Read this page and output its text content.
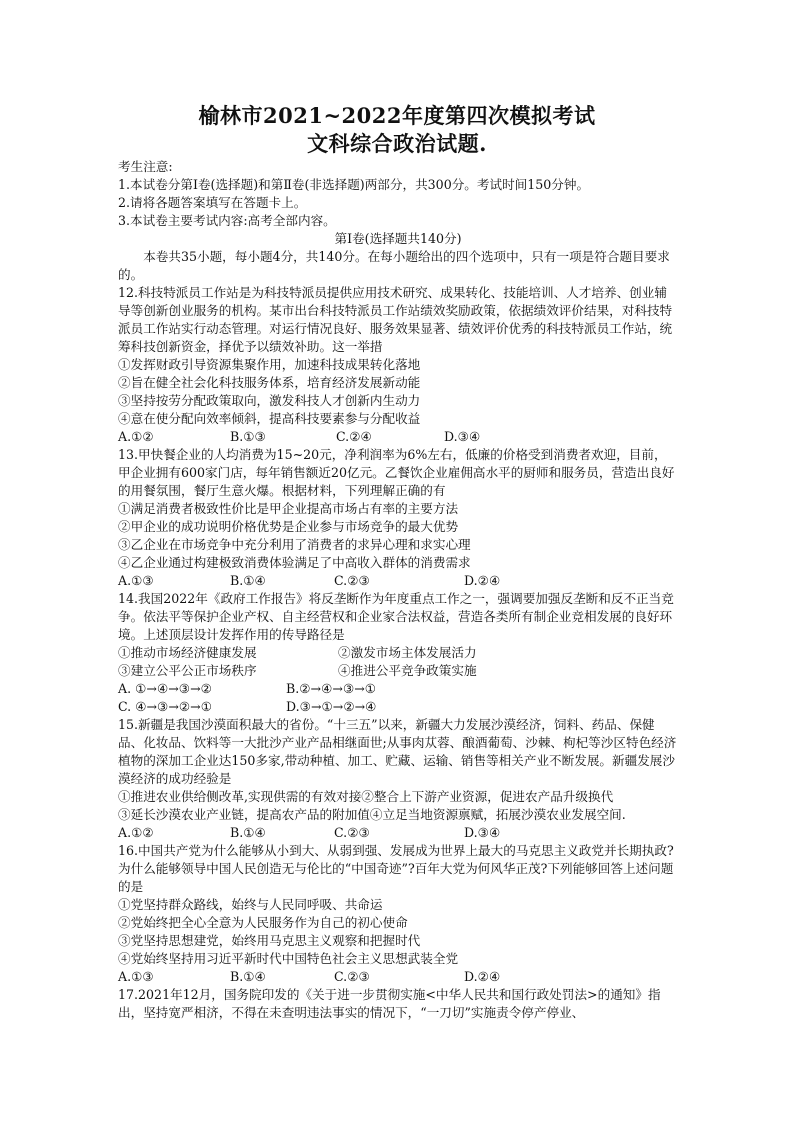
榆林市2021~2022年度第四次模拟考试
文科综合政治试题.

考生注意:

1.本试卷分第Ⅰ卷(选择题)和第Ⅱ卷(非选择题)两部分，共300分。考试时间150分钟。

2.请将各题答案填写在答题卡上。

3.本试卷主要考试内容:高考全部内容。

第Ⅰ卷(选择题共140分)

本卷共35小题，每小题4分，共140分。在每小题给出的四个选项中，只有一项是符合题目要求的。

12.科技特派员工作站是为科技特派员提供应用技术研究、成果转化、技能培训、人才培养、创业辅导等创新创业服务的机构。某市出台科技特派员工作站绩效奖励政策，依据绩效评价结果，对科技特派员工作站实行动态管理。对运行情况良好、服务效果显著、绩效评价优秀的科技特派员工作站，统筹科技创新资金，择优予以绩效补助。这一举措

①发挥财政引导资源集聚作用，加速科技成果转化落地

②旨在健全社会化科技服务体系，培育经济发展新动能

③坚持按劳分配政策取向，激发科技人才创新内生动力

④意在使分配向效率倾斜，提高科技要素参与分配收益

A.①②	B.①③	C.②④	D.③④

13.甲快餐企业的人均消费为15~20元，净利润率为6%左右，低廉的价格受到消费者欢迎，目前，甲企业拥有600家门店，每年销售额近20亿元。乙餐饮企业雇佣高水平的厨师和服务员，营造出良好的用餐氛围，餐厅生意火爆。根据材料，下列理解正确的有

①满足消费者极致性价比是甲企业提高市场占有率的主要方法

②甲企业的成功说明价格优势是企业参与市场竞争的最大优势

③乙企业在市场竞争中充分利用了消费者的求异心理和求实心理

④乙企业通过构建极致消费体验满足了中高收入群体的消费需求

A.①③	B.①④	C.②③	D.②④

14.我国2022年《政府工作报告》将反垄断作为年度重点工作之一，强调要加强反垄断和反不正当竞争。依法平等保护企业产权、自主经营权和企业家合法权益，营造各类所有制企业竞相发展的良好环境。上述顶层设计发挥作用的传导路径是

①推动市场经济健康发展	②激发市场主体发展活力
③建立公平公正市场秩序	④推进公平竞争政策实施
A. ①→④→③→②	B.②→④→③→①
C. ④→③→②→①	D.③→①→②→④

15.新疆是我国沙漠面积最大的省份。“十三五”以来，新疆大力发展沙漠经济，饲料、药品、保健品、化妆品、饮料等一大批沙产业产品相继面世;从事肉苁蓉、酿酒葡萄、沙棘、枸杞等沙区特色经济植物的深加工企业达150多家,带动种植、加工、贮藏、运输、销售等相关产业不断发展。新疆发展沙漠经济的成功经验是

①推进农业供给侧改革,实现供需的有效对接②整合上下游产业资源，促进农产品升级换代

③延长沙漠农业产业链，提高农产品的附加值④立足当地资源禀赋，拓展沙漠农业发展空间.

A.①②	B.①④	C.②③	D.③④

16.中国共产党为什么能够从小到大、从弱到强、发展成为世界上最大的马克思主义政党并长期执政?为什么能够领导中国人民创造无与伦比的“中国奇迹”?百年大党为何风华正茂?下列能够回答上述问题的是

①党坚持群众路线，始终与人民同呼吸、共命运

②党始终把全心全意为人民服务作为自己的初心使命

③党坚持思想建党，始终用马克思主义观察和把握时代

④党始终坚持用习近平新时代中国特色社会主义思想武装全党

A.①③	B.①④	C.②③	D.②④

17.2021年12月，国务院印发的《关于进一步贯彻实施<中华人民共和国行政处罚法>的通知》指出，坚持宽严相济，不得在未查明违法事实的情况下，“一刀切”实施责令停产停业、
